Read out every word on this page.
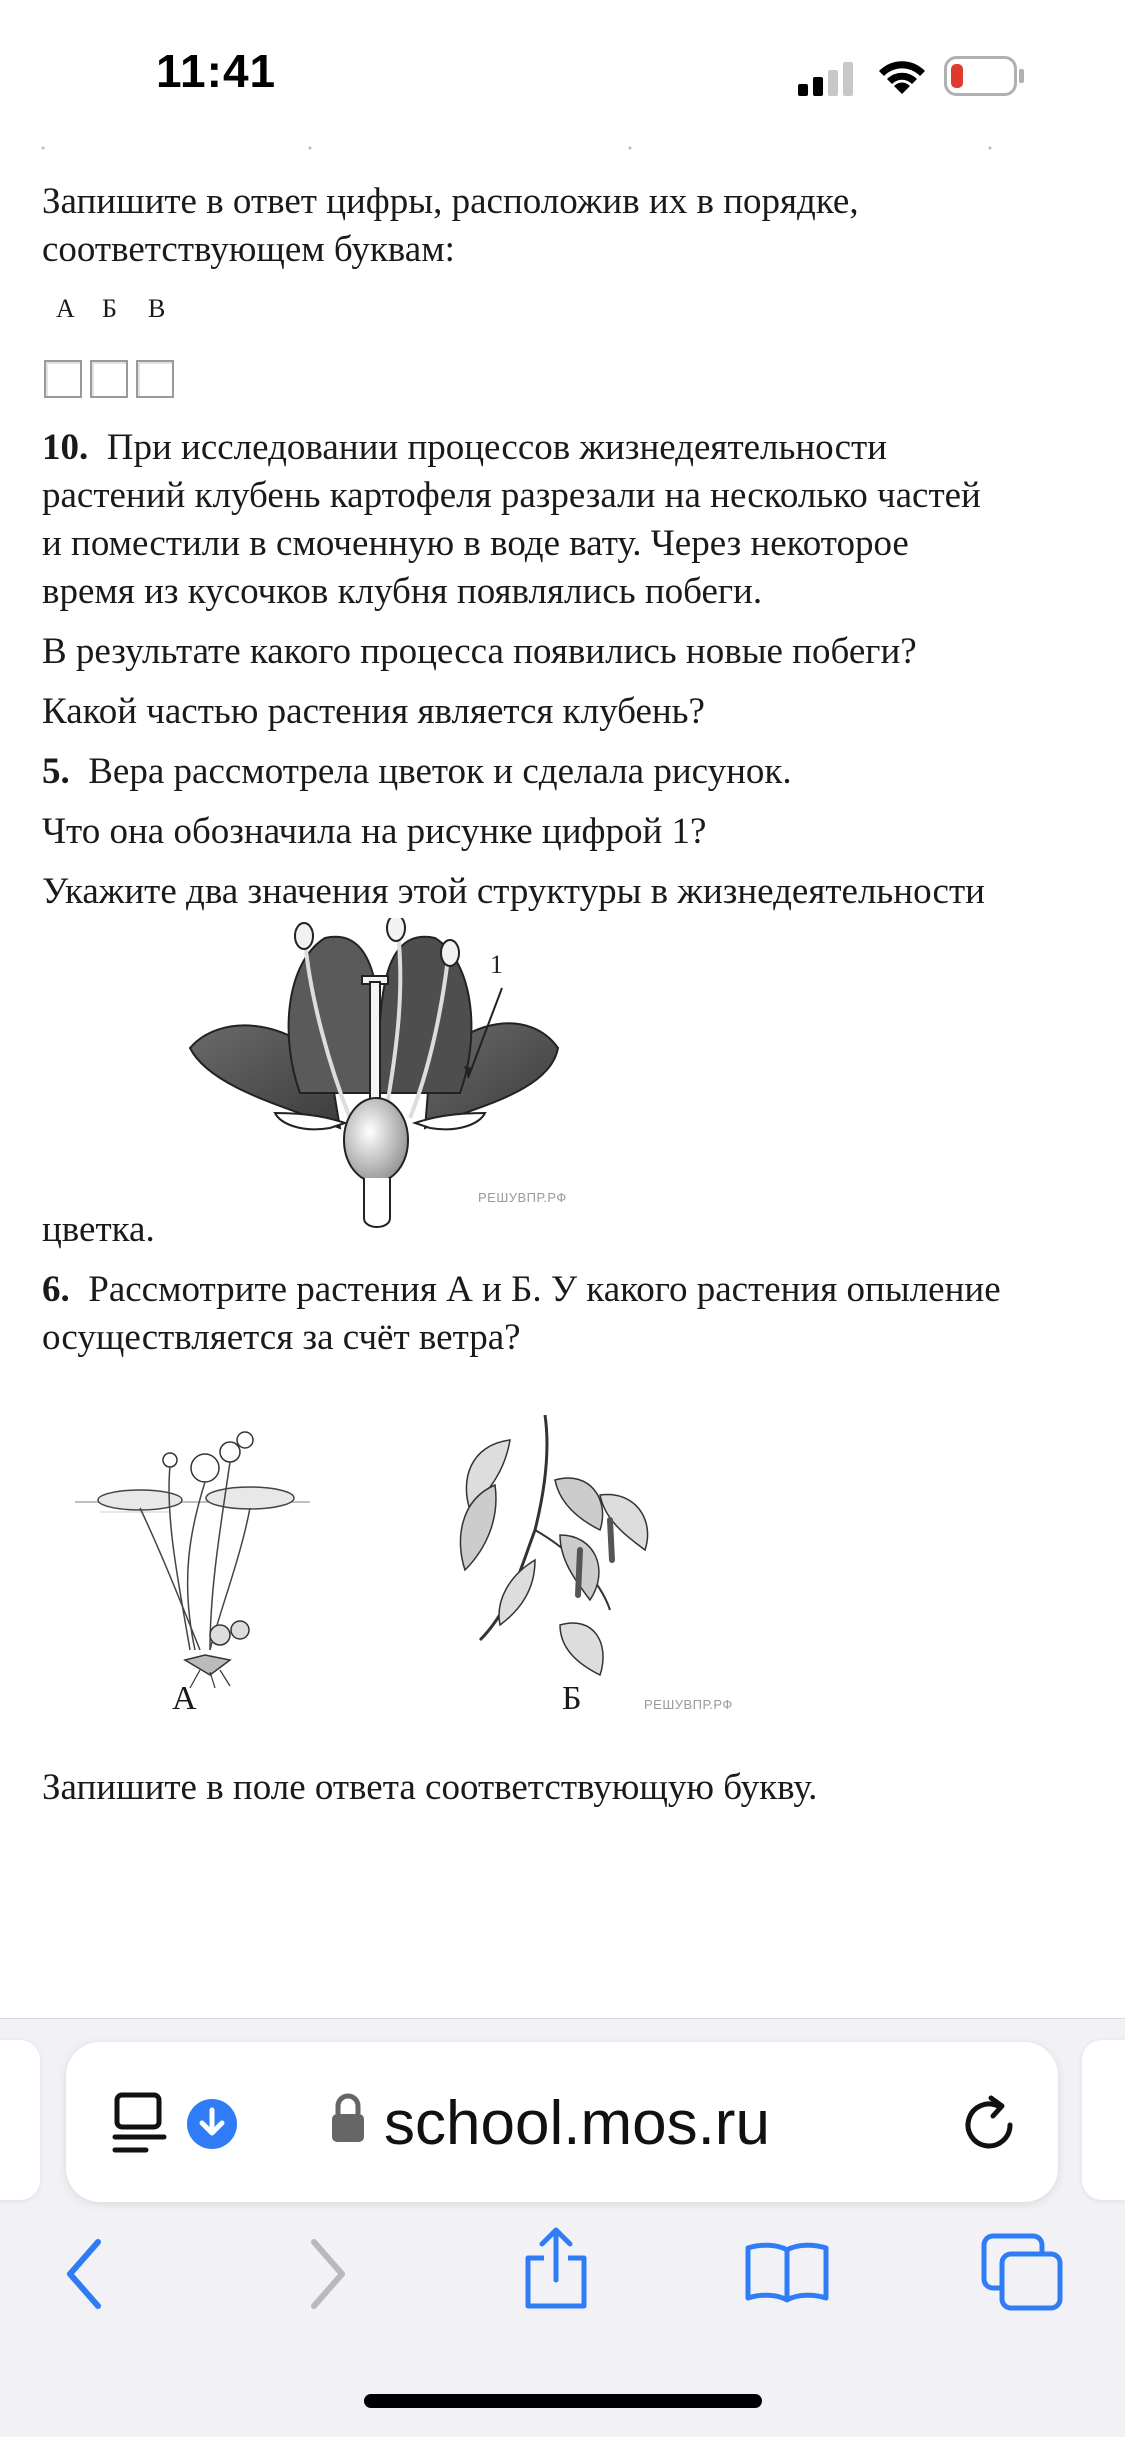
11:41

Запишите в ответ цифры, расположив их в порядке,

соответствующем буквам:

А Б В

10. При исследовании процессов жизнедеятельности

растений клубень картофеля разрезали на несколько частей

и поместили в смоченную в воде вату. Через некоторое

время из кусочков клубня появлялись побеги.

В результате какого процесса появились новые побеги?

Какой частью растения является клубень?

5. Вера рассмотрела цветок и сделала рисунок.

Что она обозначила на рисунке цифрой 1?

Укажите два значения этой структуры в жизнедеятельности

1
РЕШУВПР.РФ

цветка.

6. Рассмотрите растения А и Б. У какого растения опыление

осуществляется за счёт ветра?

А	Б	РЕШУВПР.РФ

Запишите в поле ответа соответствующую букву.

school.mos.ru
